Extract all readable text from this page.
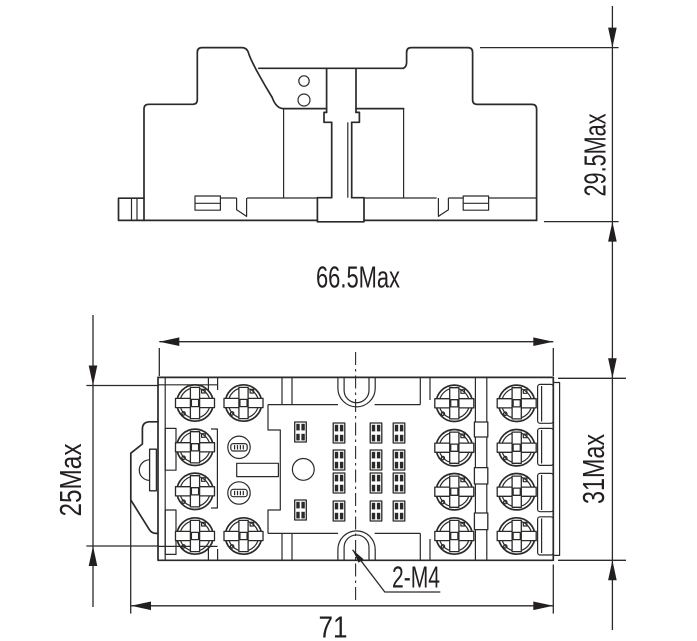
29.5Max
66.5Max
25Max	31Max
71
2-M4
